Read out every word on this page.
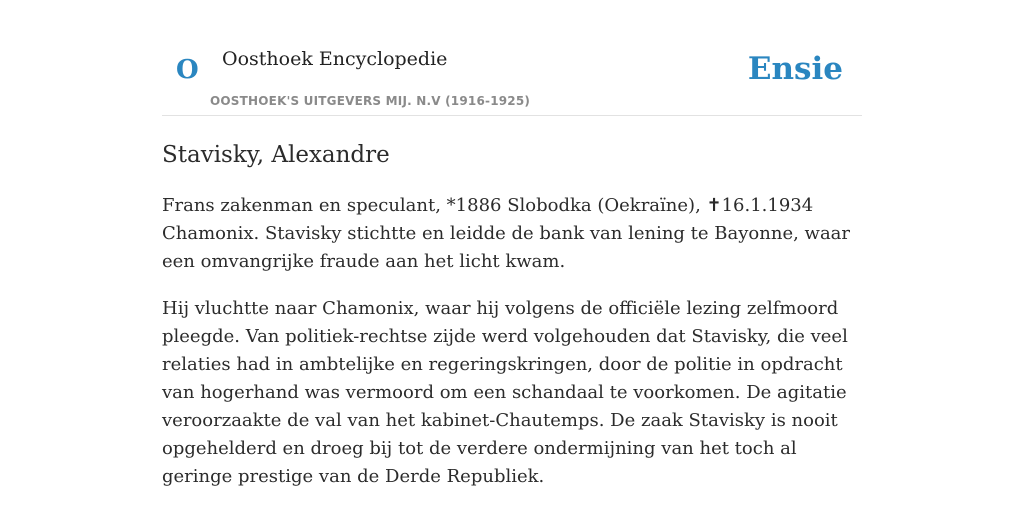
O Oosthoek Encyclopedie
OOSTHOEK'S UITGEVERS MIJ. N.V (1916-1925)
Ensie
Stavisky, Alexandre

Frans zakenman en speculant, *1886 Slobodka (Oekraïne), ✝16.1.1934 Chamonix. Stavisky stichtte en leidde de bank van lening te Bayonne, waar een omvangrijke fraude aan het licht kwam.

Hij vluchtte naar Chamonix, waar hij volgens de officiële lezing zelfmoord pleegde. Van politiek-rechtse zijde werd volgehouden dat Stavisky, die veel relaties had in ambtelijke en regeringskringen, door de politie in opdracht van hogerhand was vermoord om een schandaal te voorkomen. De agitatie veroorzaakte de val van het kabinet-Chautemps. De zaak Stavisky is nooit opgehelderd en droeg bij tot de verdere ondermijning van het toch al geringe prestige van de Derde Republiek.
